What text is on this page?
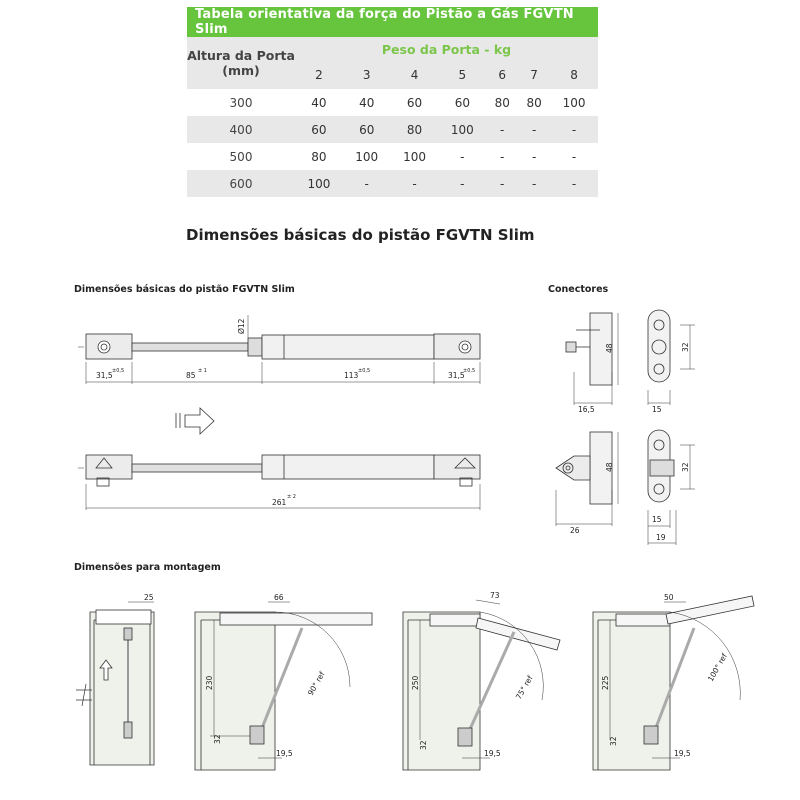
Tabela orientativa da força do Pistão a Gás FGVTN Slim							
Altura da Porta (mm)	Peso da Porta - kg						
	2	3	4	5	6	7	8
300	40	40	60	60	80	80	100
400	60	60	80	100	-	-	-
500	80	100	100	-	-	-	-
600	100	-	-	-	-	-	-
Dimensões básicas do pistão FGVTN Slim
Dimensões básicas do pistão FGVTN Slim	Conectores
Dimensões para montagem
31,5 ±0,5	85 ± 1	113 ±0,5	31,5
±0,5
Ø12
261
± 2
16,5
48	32
15
26
48	32
15
19
25	66
230
32
19,5
90° ref
73
250
32
19,5
75° ref
50
225
32
19,5
100° ref
